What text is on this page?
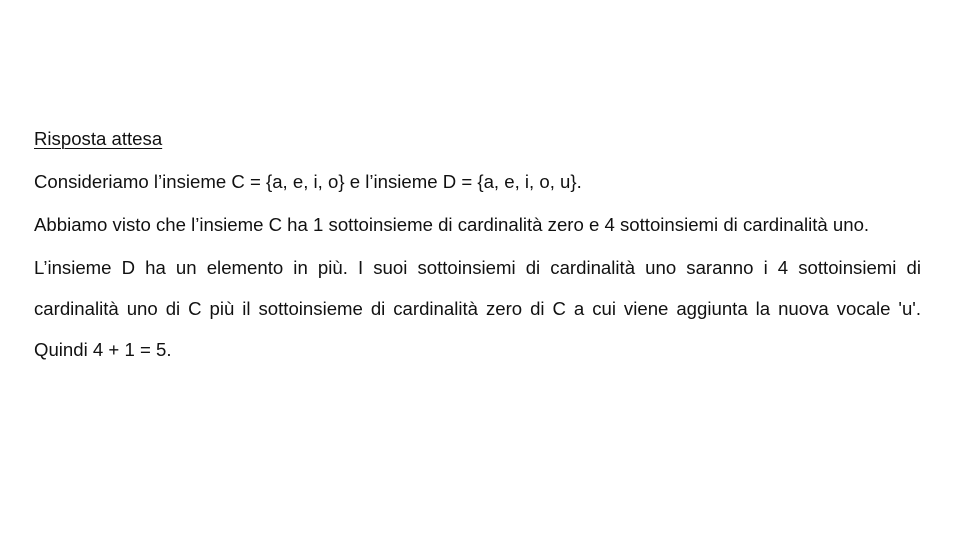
Risposta attesa

Consideriamo l’insieme C = {a, e, i, o} e l’insieme D = {a, e, i, o, u}.

Abbiamo visto che l’insieme C ha 1 sottoinsieme di cardinalità zero e 4 sottoinsiemi di cardinalità uno.

L’insieme D ha un elemento in più. I suoi sottoinsiemi di cardinalità uno saranno i 4 sottoinsiemi di cardinalità uno di C più il sottoinsieme di cardinalità zero di C a cui viene aggiunta la nuova vocale 'u'. Quindi 4 + 1 = 5.
